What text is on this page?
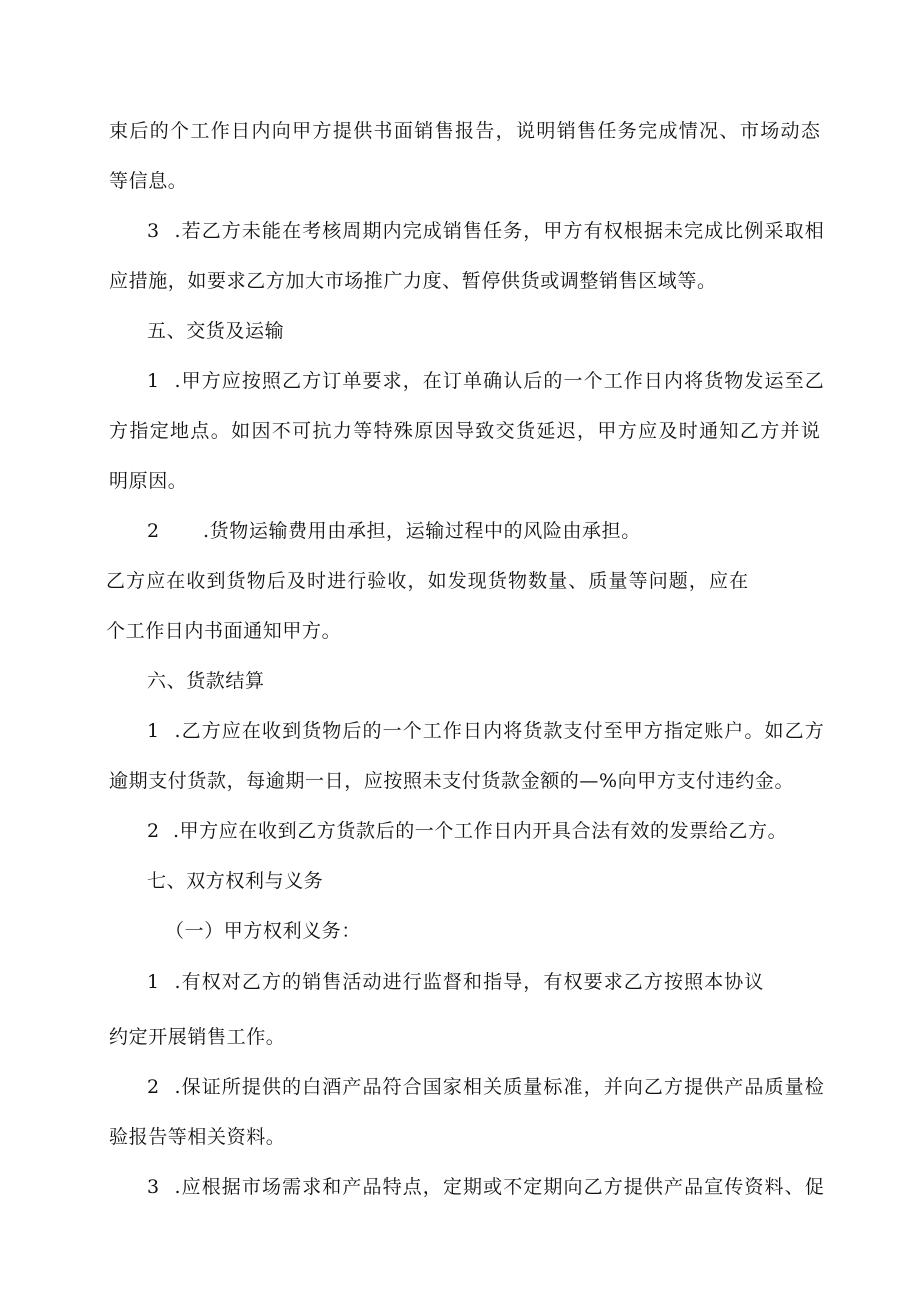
束后的个工作日内向甲方提供书面销售报告，说明销售任务完成情况、市场动态

等信息。

3  .若乙方未能在考核周期内完成销售任务，甲方有权根据未完成比例采取相

应措施，如要求乙方加大市场推广力度、暂停供货或调整销售区域等。

五、交货及运输

1  .甲方应按照乙方订单要求，在订单确认后的一个工作日内将货物发运至乙

方指定地点。如因不可抗力等特殊原因导致交货延迟，甲方应及时通知乙方并说

明原因。

2 .货物运输费用由承担，运输过程中的风险由承担。

乙方应在收到货物后及时进行验收，如发现货物数量、质量等问题，应在

个工作日内书面通知甲方。

六、货款结算

1  .乙方应在收到货物后的一个工作日内将货款支付至甲方指定账户。如乙方

逾期支付货款，每逾期一日，应按照未支付货款金额的—%向甲方支付违约金。

2  .甲方应在收到乙方货款后的一个工作日内开具合法有效的发票给乙方。

七、双方权利与义务

（一）甲方权利义务：

1  .有权对乙方的销售活动进行监督和指导，有权要求乙方按照本协议

约定开展销售工作。

2  .保证所提供的白酒产品符合国家相关质量标准，并向乙方提供产品质量检

验报告等相关资料。

3  .应根据市场需求和产品特点，定期或不定期向乙方提供产品宣传资料、促
